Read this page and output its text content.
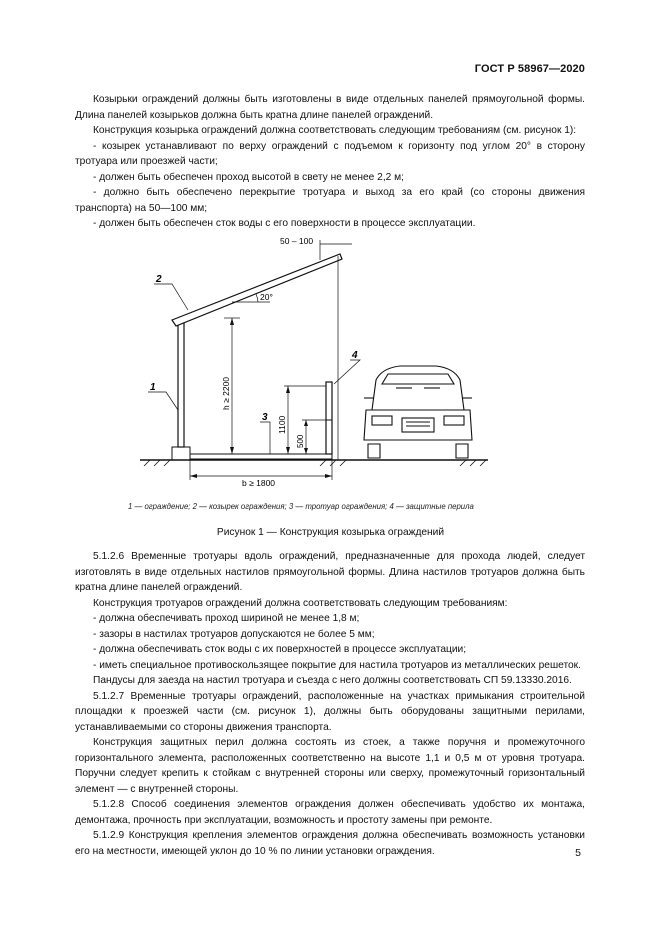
ГОСТ Р 58967—2020

Козырьки ограждений должны быть изготовлены в виде отдельных панелей прямоугольной формы. Длина панелей козырьков должна быть кратна длине панелей ограждений.

Конструкция козырька ограждений должна соответствовать следующим требованиям (см. рисунок 1):

- козырек устанавливают по верху ограждений с подъемом к горизонту под углом 20° в сторону тротуара или проезжей части;

- должен быть обеспечен проход высотой в свету не менее 2,2 м;

- должно быть обеспечено перекрытие тротуара и выход за его край (со стороны движения транспорта) на 50—100 мм;

- должен быть обеспечен сток воды с его поверхности в процессе эксплуатации.

50 – 100
20°
h ≥ 2200
1100
500
b ≥ 1800
1
2
3
4
1 — ограждение; 2 — козырек ограждения; 3 — тротуар ограждения; 4 — защитные перила
Рисунок 1 — Конструкция козырька ограждений

5.1.2.6 Временные тротуары вдоль ограждений, предназначенные для прохода людей, следует изготовлять в виде отдельных настилов прямоугольной формы. Длина настилов тротуаров должна быть кратна длине панелей ограждений.

Конструкция тротуаров ограждений должна соответствовать следующим требованиям:

- должна обеспечивать проход шириной не менее 1,8 м;

- зазоры в настилах тротуаров допускаются не более 5 мм;

- должна обеспечивать сток воды с их поверхностей в процессе эксплуатации;

- иметь специальное противоскользящее покрытие для настила тротуаров из металлических решеток.

Пандусы для заезда на настил тротуара и съезда с него должны соответствовать СП 59.13330.2016.

5.1.2.7 Временные тротуары ограждений, расположенные на участках примыкания строительной площадки к проезжей части (см. рисунок 1), должны быть оборудованы защитными перилами, устанавливаемыми со стороны движения транспорта.

Конструкция защитных перил должна состоять из стоек, а также поручня и промежуточного горизонтального элемента, расположенных соответственно на высоте 1,1 и 0,5 м от уровня тротуара. Поручни следует крепить к стойкам с внутренней стороны или сверху, промежуточный горизонтальный элемент — с внутренней стороны.

5.1.2.8 Способ соединения элементов ограждения должен обеспечивать удобство их монтажа, демонтажа, прочность при эксплуатации, возможность и простоту замены при ремонте.

5.1.2.9 Конструкция крепления элементов ограждения должна обеспечивать возможность установки его на местности, имеющей уклон до 10 % по линии установки ограждения.	5
